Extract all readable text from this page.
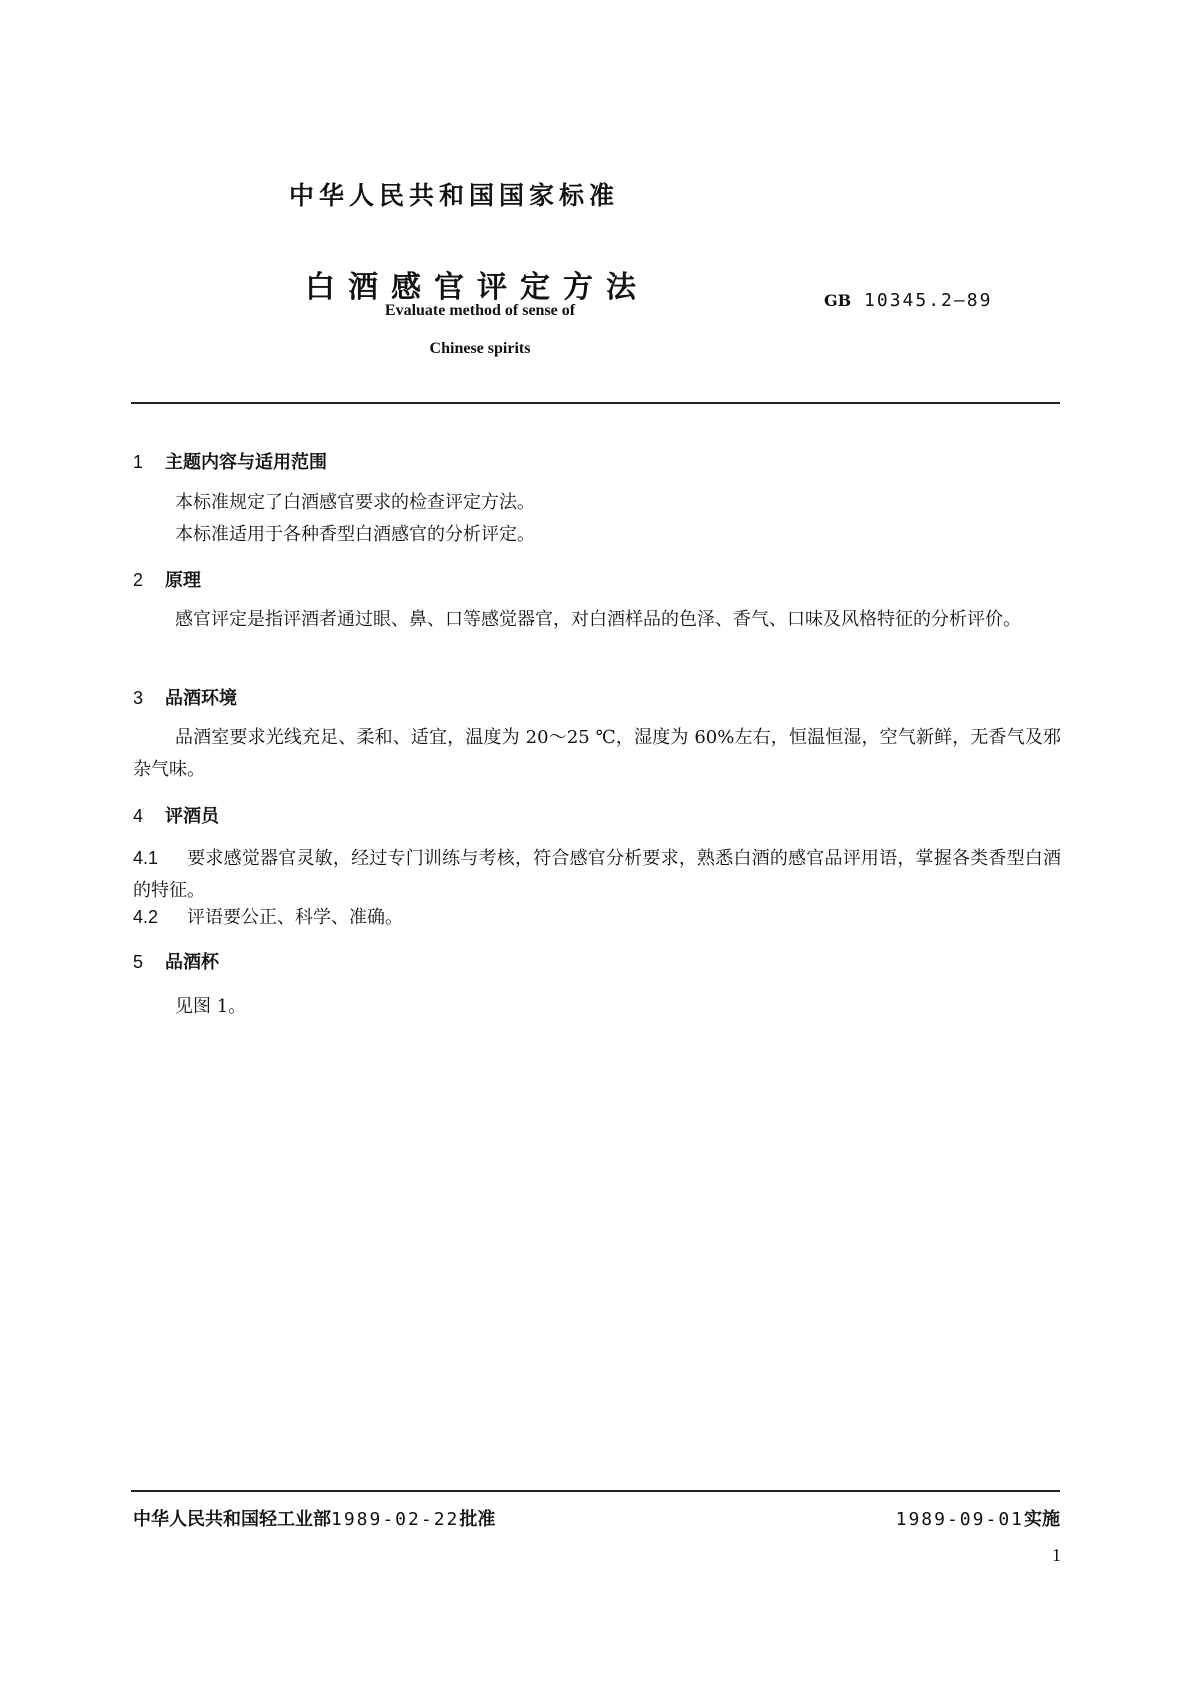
中华人民共和国国家标准
白酒感官评定方法	GB 10345.2—89
Evaluate method of sense of
Chinese spirits
1 主题内容与适用范围
本标准规定了白酒感官要求的检查评定方法。
本标准适用于各种香型白酒感官的分析评定。
2 原理
感官评定是指评酒者通过眼、鼻、口等感觉器官，对白酒样品的色泽、香气、口味及风格特征的分析评价。
3 品酒环境
品酒室要求光线充足、柔和、适宜，温度为 20～25 ℃，湿度为 60%左右，恒温恒湿，空气新鲜，无香气及邪杂气味。
4 评酒员
4.1 要求感觉器官灵敏，经过专门训练与考核，符合感官分析要求，熟悉白酒的感官品评用语，掌握各类香型白酒的特征。
4.2 评语要公正、科学、准确。
5 品酒杯
见图 1。
中华人民共和国轻工业部1989-02-22批准	1989-09-01实施
1
